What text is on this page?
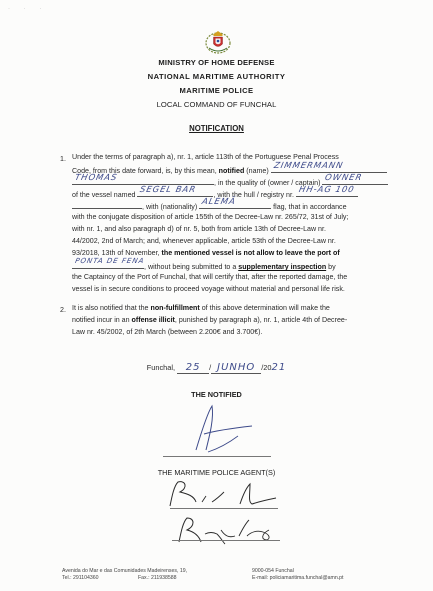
· · ·
MINISTRY OF HOME DEFENSE
NATIONAL MARITIME AUTHORITY
MARITIME POLICE
LOCAL COMMAND OF FUNCHAL
NOTIFICATION
1. Under the terms of paragraph a), nr. 1, article 113th of the Portuguese Penal Process
Code, from this date forward, is, by this mean, notified (name)
ZIMMERMANN
THOMAS
, in the quality of (owner / captain)
OWNER
of the vessel named
SEGEL BAR
, with the hull / registry nr.
HH-AG 100
, with (nationality)
ALEMÃ
flag, that in accordance
with the conjugate disposition of article 155th of the Decree-Law nr. 265/72, 31st of July;
with nr. 1, and also paragraph d) of nr. 5, both from article 13th of Decree-Law nr.
44/2002, 2nd of March; and, whenever applicable, article 53th of the Decree-Law nr.
93/2018, 13th of November, the mentioned vessel is not allow to leave the port of
PONTA DE FENA
, without being submitted to a supplementary inspection by
the Captaincy of the Port of Funchal, that will certify that, after the reported damage, the
vessel is in secure conditions to proceed voyage without material and personal life risk.
2. It is also notified that the non-fulfillment of this above determination will make the
notified incur in an offense illicit, punished by paragraph a), nr. 1, article 4th of Decree-
Law nr. 45/2002, of 2th March (between 2.200€ and 3.700€).
Funchal, 25 / JUNHO /2021
THE NOTIFIED
THE MARITIME POLICE AGENT(S)
Avenida do Mar e das Comunidades Madeirenses, 19,	9000-054 Funchal
Tel.: 291104360	Fax.: 211938588	E-mail: policiamaritima.funchal@amn.pt
